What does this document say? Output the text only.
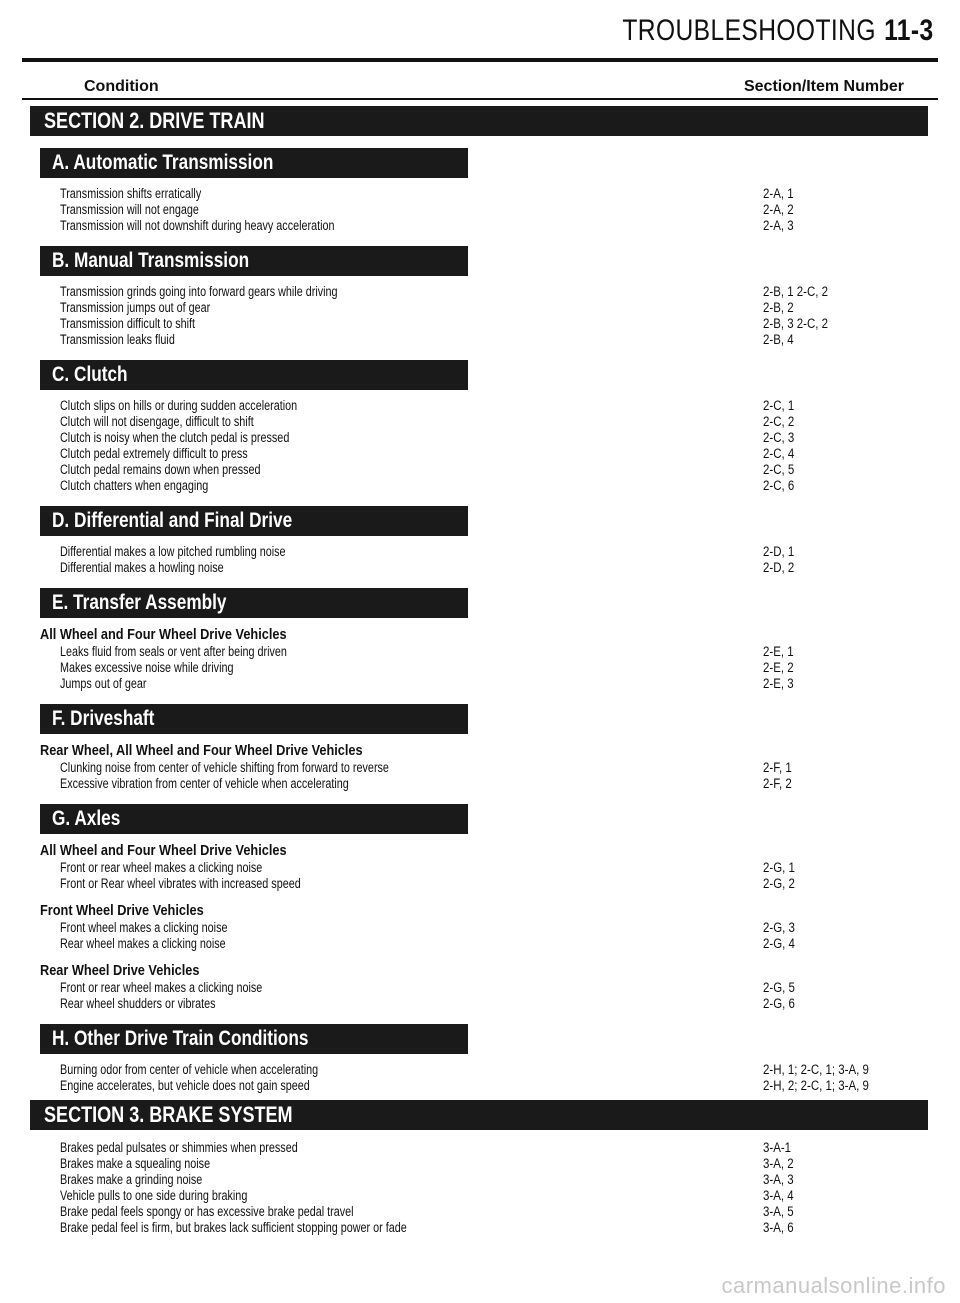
TROUBLESHOOTING 11-3
Condition	Section/Item Number
SECTION 2. DRIVE TRAIN
A. Automatic Transmission
Transmission shifts erratically	2-A, 1
Transmission will not engage	2-A, 2
Transmission will not downshift during heavy acceleration	2-A, 3
B. Manual Transmission
Transmission grinds going into forward gears while driving	2-B, 1 2-C, 2
Transmission jumps out of gear	2-B, 2
Transmission difficult to shift	2-B, 3 2-C, 2
Transmission leaks fluid	2-B, 4
C. Clutch
Clutch slips on hills or during sudden acceleration	2-C, 1
Clutch will not disengage, difficult to shift	2-C, 2
Clutch is noisy when the clutch pedal is pressed	2-C, 3
Clutch pedal extremely difficult to press	2-C, 4
Clutch pedal remains down when pressed	2-C, 5
Clutch chatters when engaging	2-C, 6
D. Differential and Final Drive
Differential makes a low pitched rumbling noise	2-D, 1
Differential makes a howling noise	2-D, 2
E. Transfer Assembly
All Wheel and Four Wheel Drive Vehicles
Leaks fluid from seals or vent after being driven	2-E, 1
Makes excessive noise while driving	2-E, 2
Jumps out of gear	2-E, 3
F. Driveshaft
Rear Wheel, All Wheel and Four Wheel Drive Vehicles
Clunking noise from center of vehicle shifting from forward to reverse	2-F, 1
Excessive vibration from center of vehicle when accelerating	2-F, 2
G. Axles
All Wheel and Four Wheel Drive Vehicles
Front or rear wheel makes a clicking noise	2-G, 1
Front or Rear wheel vibrates with increased speed	2-G, 2
Front Wheel Drive Vehicles
Front wheel makes a clicking noise	2-G, 3
Rear wheel makes a clicking noise	2-G, 4
Rear Wheel Drive Vehicles
Front or rear wheel makes a clicking noise	2-G, 5
Rear wheel shudders or vibrates	2-G, 6
H. Other Drive Train Conditions
Burning odor from center of vehicle when accelerating	2-H, 1; 2-C, 1; 3-A, 9
Engine accelerates, but vehicle does not gain speed	2-H, 2; 2-C, 1; 3-A, 9
SECTION 3. BRAKE SYSTEM
Brakes pedal pulsates or shimmies when pressed	3-A-1
Brakes make a squealing noise	3-A, 2
Brakes make a grinding noise	3-A, 3
Vehicle pulls to one side during braking	3-A, 4
Brake pedal feels spongy or has excessive brake pedal travel	3-A, 5
Brake pedal feel is firm, but brakes lack sufficient stopping power or fade	3-A, 6
carmanualsonline.info
